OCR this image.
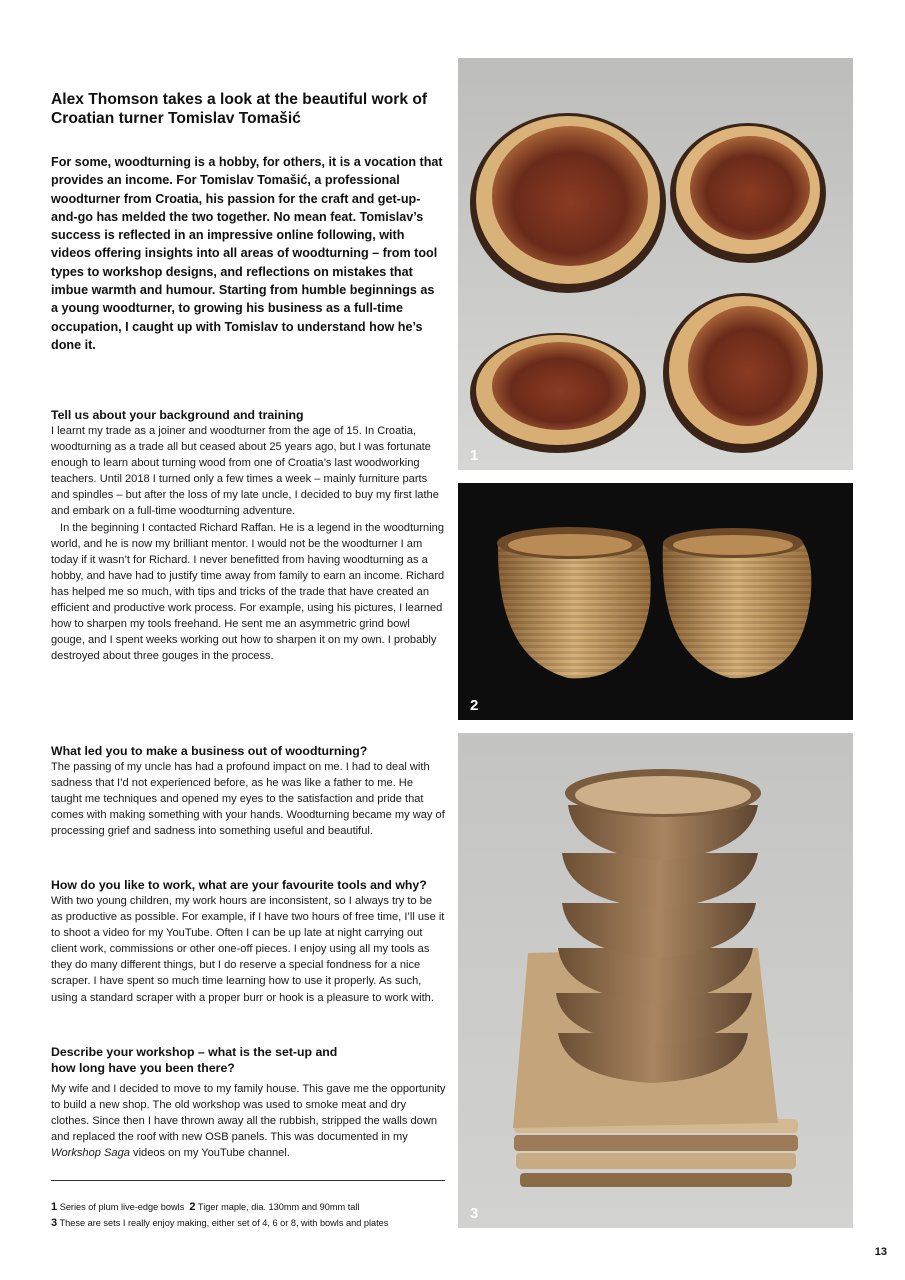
Alex Thomson takes a look at the beautiful work of Croatian turner Tomislav Tomašić
For some, woodturning is a hobby, for others, it is a vocation that provides an income. For Tomislav Tomašić, a professional woodturner from Croatia, his passion for the craft and get-up-and-go has melded the two together. No mean feat. Tomislav’s success is reflected in an impressive online following, with videos offering insights into all areas of woodturning – from tool types to workshop designs, and reflections on mistakes that imbue warmth and humour. Starting from humble beginnings as a young woodturner, to growing his business as a full-time occupation, I caught up with Tomislav to understand how he’s done it.

Tell us about your background and training

I learnt my trade as a joiner and woodturner from the age of 15. In Croatia, woodturning as a trade all but ceased about 25 years ago, but I was fortunate enough to learn about turning wood from one of Croatia’s last woodworking teachers. Until 2018 I turned only a few times a week – mainly furniture parts and spindles – but after the loss of my late uncle, I decided to buy my first lathe and embark on a full-time woodturning adventure.

In the beginning I contacted Richard Raffan. He is a legend in the woodturning world, and he is now my brilliant mentor. I would not be the woodturner I am today if it wasn’t for Richard. I never benefitted from having woodturning as a hobby, and have had to justify time away from family to earn an income. Richard has helped me so much, with tips and tricks of the trade that have created an efficient and productive work process. For example, using his pictures, I learned how to sharpen my tools freehand. He sent me an asymmetric grind bowl gouge, and I spent weeks working out how to sharpen it on my own. I probably destroyed about three gouges in the process.

What led you to make a business out of woodturning?

The passing of my uncle has had a profound impact on me. I had to deal with sadness that I’d not experienced before, as he was like a father to me. He taught me techniques and opened my eyes to the satisfaction and pride that comes with making something with your hands. Woodturning became my way of processing grief and sadness into something useful and beautiful.

How do you like to work, what are your favourite tools and why?

With two young children, my work hours are inconsistent, so I always try to be as productive as possible. For example, if I have two hours of free time, I’ll use it to shoot a video for my YouTube. Often I can be up late at night carrying out client work, commissions or other one-off pieces. I enjoy using all my tools as they do many different things, but I do reserve a special fondness for a nice scraper. I have spent so much time learning how to use it properly. As such, using a standard scraper with a proper burr or hook is a pleasure to work with.

Describe your workshop – what is the set-up and how long have you been there?

My wife and I decided to move to my family house. This gave me the opportunity to build a new shop. The old workshop was used to smoke meat and dry clothes. Since then I have thrown away all the rubbish, stripped the walls down and replaced the roof with new OSB panels. This was documented in my Workshop Saga videos on my YouTube channel.

1 Series of plum live-edge bowls 2 Tiger maple, dia. 130mm and 90mm tall
3 These are sets I really enjoy making, either set of 4, 6 or 8, with bowls and plates
1
2
3
13
